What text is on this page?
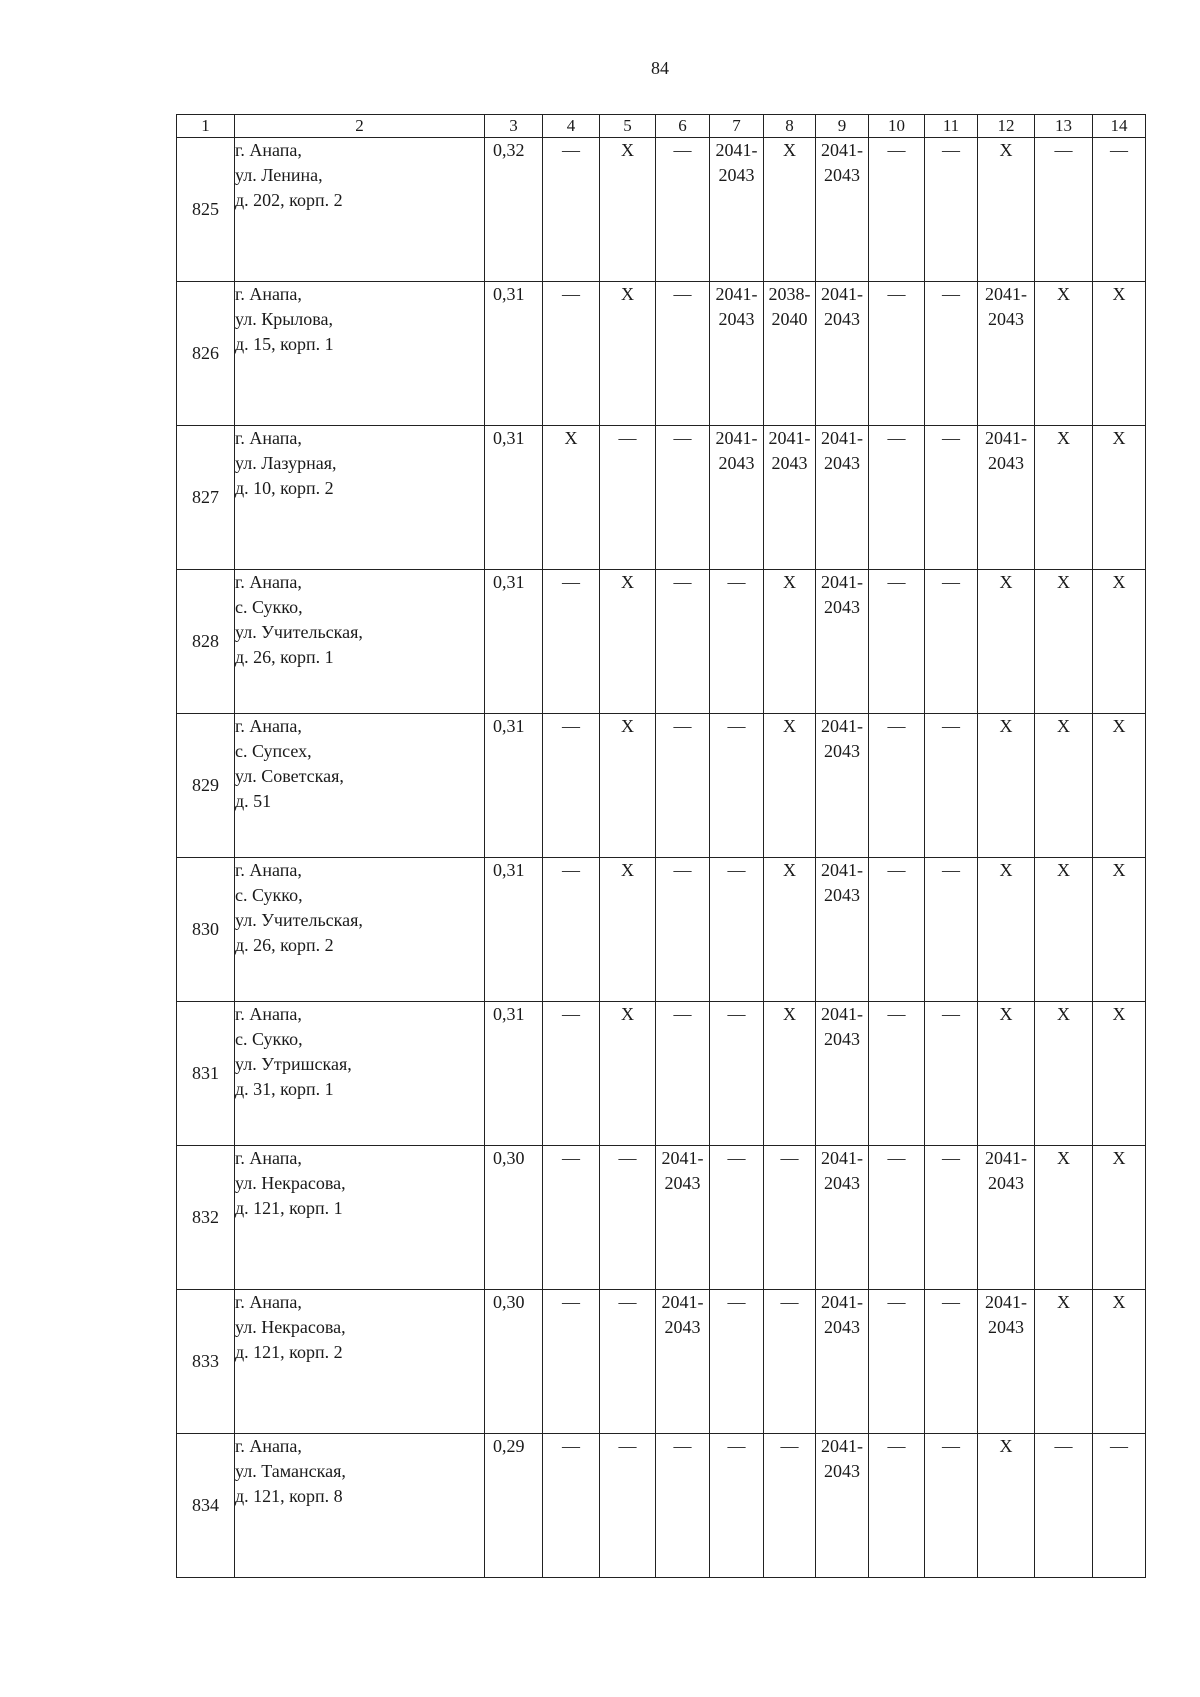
84
1	2	3	4	5	6	7	8	9	10	11	12	13	14
825	г. Анапа,
ул. Ленина,
д. 202, корп. 2	0,32	—	X	—	2041-
2043	X	2041-
2043	—	—	X	—	—
826	г. Анапа,
ул. Крылова,
д. 15, корп. 1	0,31	—	X	—	2041-
2043	2038-
2040	2041-
2043	—	—	2041-
2043	X	X
827	г. Анапа,
ул. Лазурная,
д. 10, корп. 2	0,31	X	—	—	2041-
2043	2041-
2043	2041-
2043	—	—	2041-
2043	X	X
828	г. Анапа,
с. Сукко,
ул. Учительская,
д. 26, корп. 1	0,31	—	X	—	—	X	2041-
2043	—	—	X	X	X
829	г. Анапа,
с. Супсех,
ул. Советская,
д. 51	0,31	—	X	—	—	X	2041-
2043	—	—	X	X	X
830	г. Анапа,
с. Сукко,
ул. Учительская,
д. 26, корп. 2	0,31	—	X	—	—	X	2041-
2043	—	—	X	X	X
831	г. Анапа,
с. Сукко,
ул. Утришская,
д. 31, корп. 1	0,31	—	X	—	—	X	2041-
2043	—	—	X	X	X
832	г. Анапа,
ул. Некрасова,
д. 121, корп. 1	0,30	—	—	2041-
2043	—	—	2041-
2043	—	—	2041-
2043	X	X
833	г. Анапа,
ул. Некрасова,
д. 121, корп. 2	0,30	—	—	2041-
2043	—	—	2041-
2043	—	—	2041-
2043	X	X
834	г. Анапа,
ул. Таманская,
д. 121, корп. 8	0,29	—	—	—	—	—	2041-
2043	—	—	X	—	—
